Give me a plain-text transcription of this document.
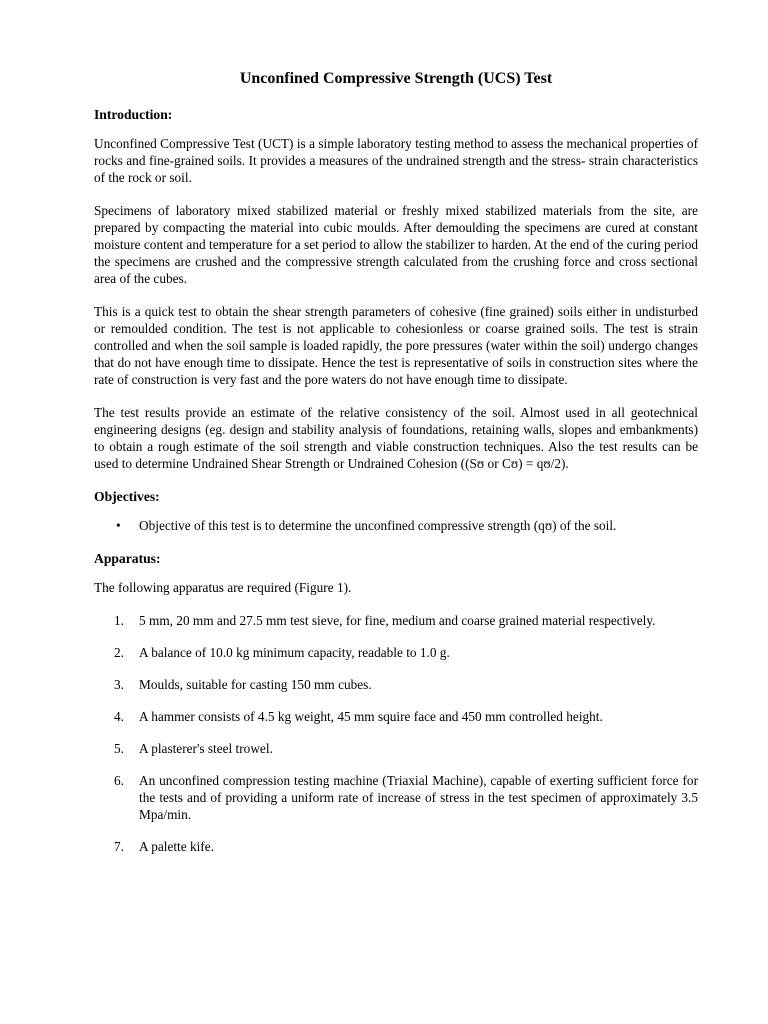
Unconfined Compressive Strength (UCS) Test
Introduction:

Unconfined Compressive Test (UCT) is a simple laboratory testing method to assess the mechanical properties of rocks and fine-grained soils. It provides a measures of the undrained strength and the stress- strain characteristics of the rock or soil.

Specimens of laboratory mixed stabilized material or freshly mixed stabilized materials from the site, are prepared by compacting the material into cubic moulds. After demoulding the specimens are cured at constant moisture content and temperature for a set period to allow the stabilizer to harden. At the end of the curing period the specimens are crushed and the compressive strength calculated from the crushing force and cross sectional area of the cubes.

This is a quick test to obtain the shear strength parameters of cohesive (fine grained) soils either in undisturbed or remoulded condition. The test is not applicable to cohesionless or coarse grained soils. The test is strain controlled and when the soil sample is loaded rapidly, the pore pressures (water within the soil) undergo changes that do not have enough time to dissipate. Hence the test is representative of soils in construction sites where the rate of construction is very fast and the pore waters do not have enough time to dissipate.

The test results provide an estimate of the relative consistency of the soil. Almost used in all geotechnical engineering designs (eg. design and stability analysis of foundations, retaining walls, slopes and embankments) to obtain a rough estimate of the soil strength and viable construction techniques. Also the test results can be used to determine Undrained Shear Strength or Undrained Cohesion ((Sʊ or Cʊ) = qʊ/2).

Objectives:
• Objective of this test is to determine the unconfined compressive strength (qʊ) of the soil.
Apparatus:

The following apparatus are required (Figure 1).

1. 5 mm, 20 mm and 27.5 mm test sieve, for fine, medium and coarse grained material respectively.
2. A balance of 10.0 kg minimum capacity, readable to 1.0 g.
3. Moulds, suitable for casting 150 mm cubes.
4. A hammer consists of 4.5 kg weight, 45 mm squire face and 450 mm controlled height.
5. A plasterer's steel trowel.
6. An unconfined compression testing machine (Triaxial Machine), capable of exerting sufficient force for the tests and of providing a uniform rate of increase of stress in the test specimen of approximately 3.5 Mpa/min.
7. A palette kife.
